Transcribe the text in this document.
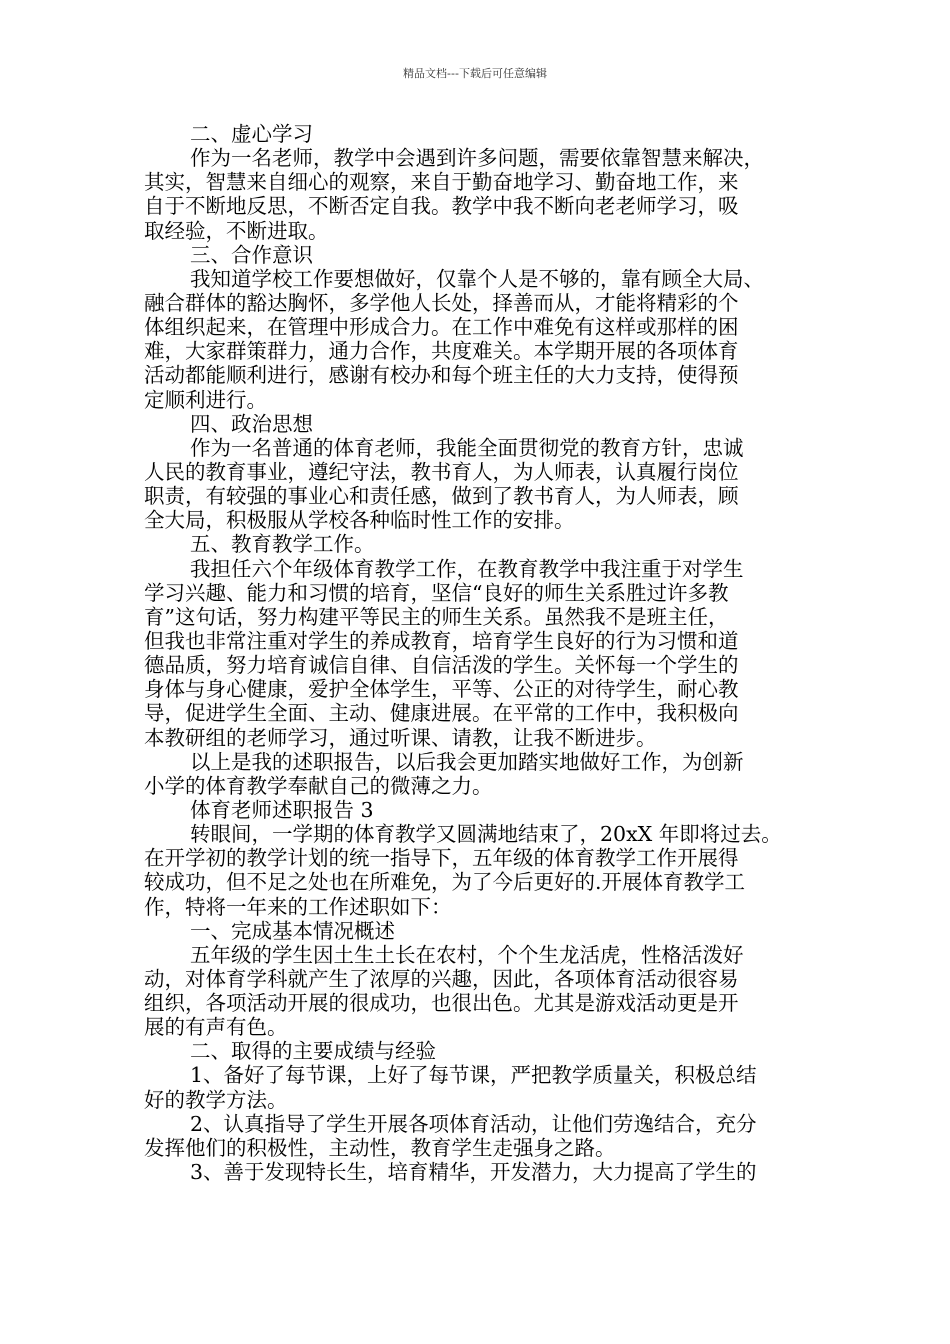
精品文档---下载后可任意编辑
二、虚心学习
作为一名老师，教学中会遇到许多问题，需要依靠智慧来解决，
其实，智慧来自细心的观察，来自于勤奋地学习、勤奋地工作，来
自于不断地反思，不断否定自我。教学中我不断向老老师学习，吸
取经验，不断进取。
三、合作意识
我知道学校工作要想做好，仅靠个人是不够的，靠有顾全大局、
融合群体的豁达胸怀，多学他人长处，择善而从，才能将精彩的个
体组织起来，在管理中形成合力。在工作中难免有这样或那样的困
难，大家群策群力，通力合作，共度难关。本学期开展的各项体育
活动都能顺利进行，感谢有校办和每个班主任的大力支持，使得预
定顺利进行。
四、政治思想
作为一名普通的体育老师，我能全面贯彻党的教育方针，忠诚
人民的教育事业，遵纪守法，教书育人，为人师表，认真履行岗位
职责，有较强的事业心和责任感，做到了教书育人，为人师表，顾
全大局，积极服从学校各种临时性工作的安排。
五、教育教学工作。
我担任六个年级体育教学工作，在教育教学中我注重于对学生
学习兴趣、能力和习惯的培育，坚信“良好的师生关系胜过许多教
育”这句话，努力构建平等民主的师生关系。虽然我不是班主任，
但我也非常注重对学生的养成教育，培育学生良好的行为习惯和道
德品质，努力培育诚信自律、自信活泼的学生。关怀每一个学生的
身体与身心健康，爱护全体学生，平等、公正的对待学生，耐心教
导，促进学生全面、主动、健康进展。在平常的工作中，我积极向
本教研组的老师学习，通过听课、请教，让我不断进步。
以上是我的述职报告，以后我会更加踏实地做好工作，为创新
小学的体育教学奉献自己的微薄之力。
体育老师述职报告 3
转眼间，一学期的体育教学又圆满地结束了，20xX 年即将过去。
在开学初的教学计划的统一指导下，五年级的体育教学工作开展得
较成功，但不足之处也在所难免，为了今后更好的.开展体育教学工
作，特将一年来的工作述职如下：
一、完成基本情况概述
五年级的学生因土生土长在农村，个个生龙活虎，性格活泼好
动，对体育学科就产生了浓厚的兴趣，因此，各项体育活动很容易
组织，各项活动开展的很成功，也很出色。尤其是游戏活动更是开
展的有声有色。
二、取得的主要成绩与经验
1、备好了每节课，上好了每节课，严把教学质量关，积极总结
好的教学方法。
2、认真指导了学生开展各项体育活动，让他们劳逸结合，充分
发挥他们的积极性，主动性，教育学生走强身之路。
3、善于发现特长生，培育精华，开发潜力，大力提高了学生的
